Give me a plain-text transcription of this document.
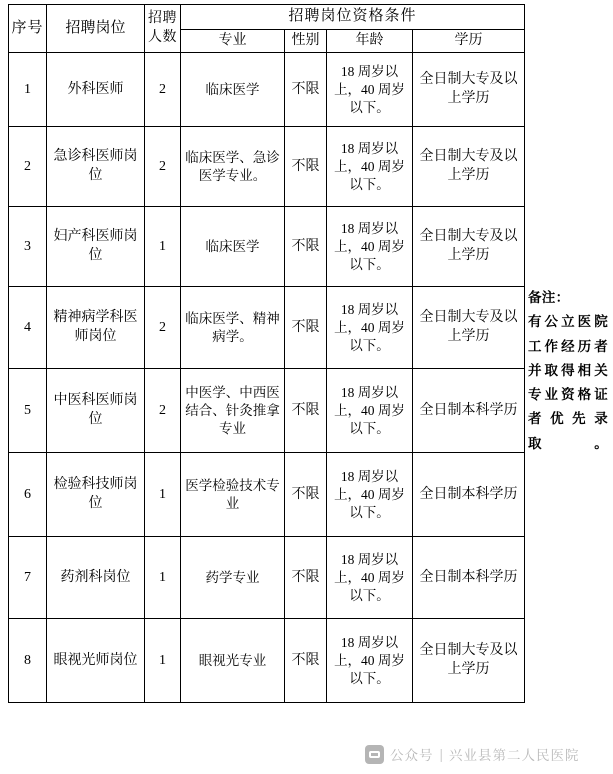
序号	招聘岗位	招聘人数	招聘岗位资格条件			
			专业	性别	年龄	学历
1	外科医师	2	临床医学	不限	18 周岁以上，40 周岁以下。	全日制大专及以上学历
2	急诊科医师岗位	2	临床医学、急诊医学专业。	不限	18 周岁以上，40 周岁以下。	全日制大专及以上学历
3	妇产科医师岗位	1	临床医学	不限	18 周岁以上，40 周岁以下。	全日制大专及以上学历
4	精神病学科医师岗位	2	临床医学、精神病学。	不限	18 周岁以上，40 周岁以下。	全日制大专及以上学历
5	中医科医师岗位	2	中医学、中西医结合、针灸推拿专业	不限	18 周岁以上，40 周岁以下。	全日制本科学历
6	检验科技师岗位	1	医学检验技术专业	不限	18 周岁以上，40 周岁以下。	全日制本科学历
7	药剂科岗位	1	药学专业	不限	18 周岁以上，40 周岁以下。	全日制本科学历
8	眼视光师岗位	1	眼视光专业	不限	18 周岁以上，40 周岁以下。	全日制大专及以上学历
备注：
有公立医院工作经历者并取得相关专业资格证者优先录取。
公众号 | 兴业县第二人民医院
